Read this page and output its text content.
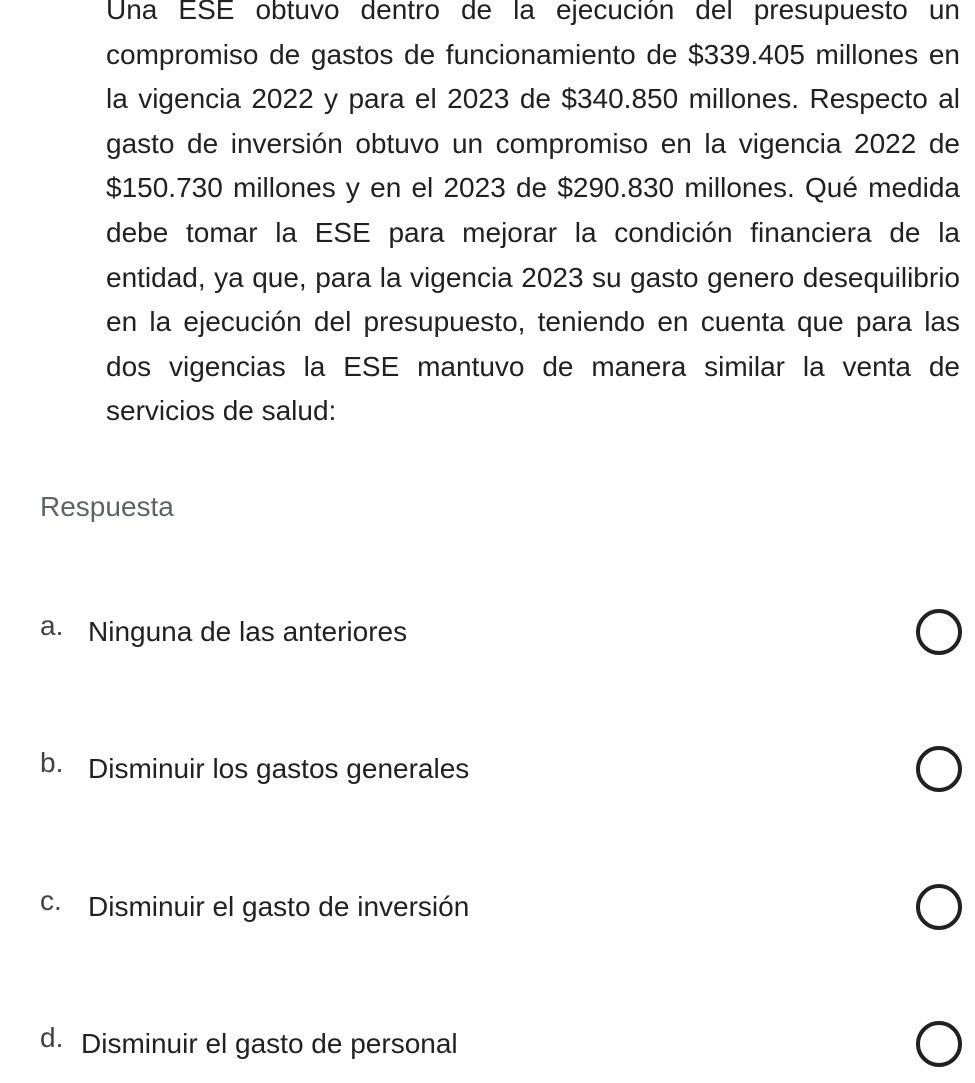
Una ESE obtuvo dentro de la ejecución del presupuesto un compromiso de gastos de funcionamiento de $339.405 millones en la vigencia 2022 y para el 2023 de $340.850 millones. Respecto al gasto de inversión obtuvo un compromiso en la vigencia 2022 de $150.730 millones y en el 2023 de $290.830 millones. Qué medida debe tomar la ESE para mejorar la condición financiera de la entidad, ya que, para la vigencia 2023 su gasto genero desequilibrio en la ejecución del presupuesto, teniendo en cuenta que para las dos vigencias la ESE mantuvo de manera similar la venta de servicios de salud:

Respuesta

a. Ninguna de las anteriores
b. Disminuir los gastos generales
c. Disminuir el gasto de inversión
d. Disminuir el gasto de personal
